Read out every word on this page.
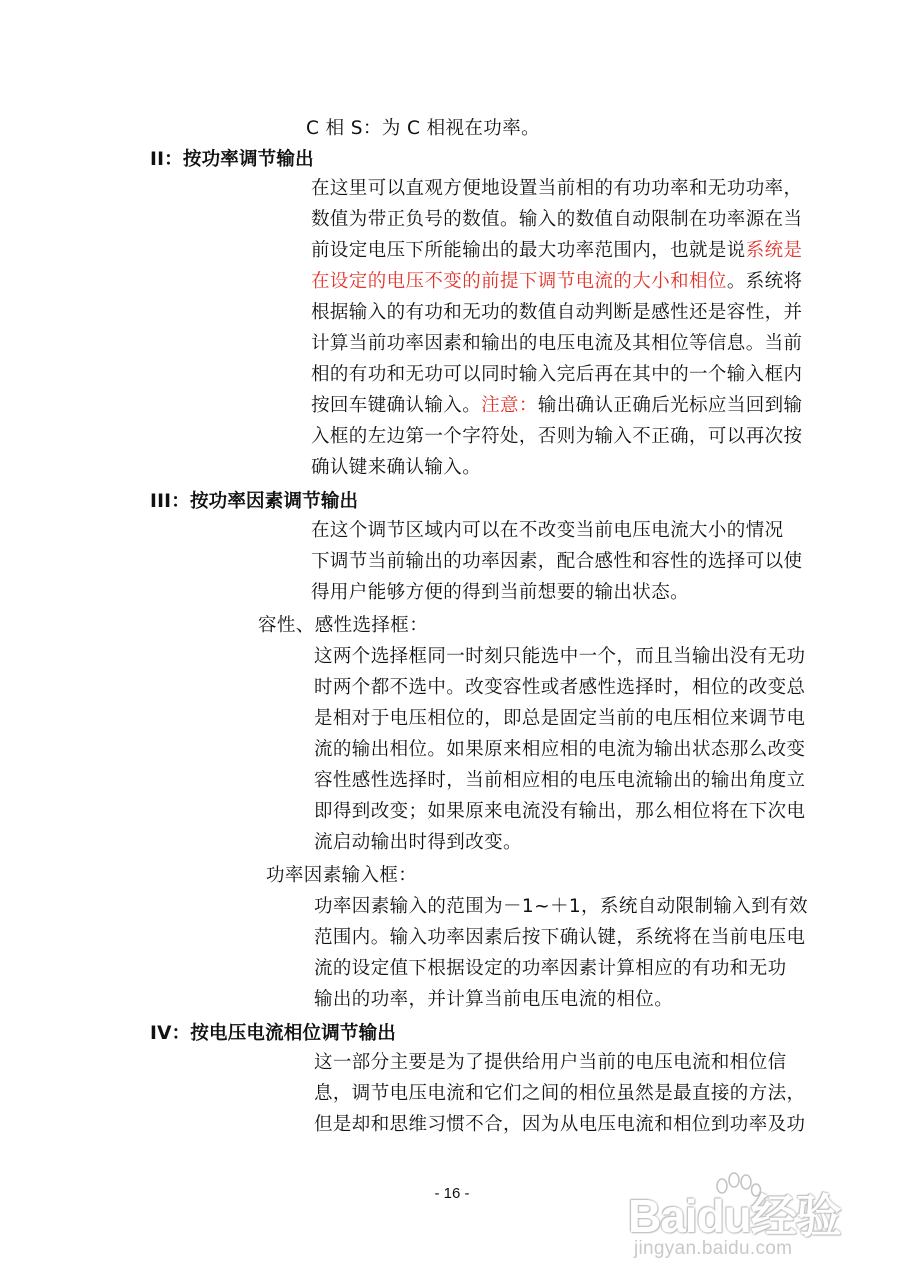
C 相 S：为 C 相视在功率。
II：按功率调节输出
在这里可以直观方便地设置当前相的有功功率和无功功率，
数值为带正负号的数值。输入的数值自动限制在功率源在当
前设定电压下所能输出的最大功率范围内，也就是说系统是
在设定的电压不变的前提下调节电流的大小和相位。系统将
根据输入的有功和无功的数值自动判断是感性还是容性，并
计算当前功率因素和输出的电压电流及其相位等信息。当前
相的有功和无功可以同时输入完后再在其中的一个输入框内
按回车键确认输入。注意：输出确认正确后光标应当回到输
入框的左边第一个字符处，否则为输入不正确，可以再次按
确认键来确认输入。
III：按功率因素调节输出
在这个调节区域内可以在不改变当前电压电流大小的情况
下调节当前输出的功率因素，配合感性和容性的选择可以使
得用户能够方便的得到当前想要的输出状态。
容性、感性选择框：
这两个选择框同一时刻只能选中一个，而且当输出没有无功
时两个都不选中。改变容性或者感性选择时，相位的改变总
是相对于电压相位的，即总是固定当前的电压相位来调节电
流的输出相位。如果原来相应相的电流为输出状态那么改变
容性感性选择时，当前相应相的电压电流输出的输出角度立
即得到改变；如果原来电流没有输出，那么相位将在下次电
流启动输出时得到改变。
功率因素输入框：
功率因素输入的范围为－1~＋1，系统自动限制输入到有效
范围内。输入功率因素后按下确认键，系统将在当前电压电
流的设定值下根据设定的功率因素计算相应的有功和无功
输出的功率，并计算当前电压电流的相位。
IV：按电压电流相位调节输出
这一部分主要是为了提供给用户当前的电压电流和相位信
息，调节电压电流和它们之间的相位虽然是最直接的方法，
但是却和思维习惯不合，因为从电压电流和相位到功率及功
- 16 -	Baidu经验
jingyan.baidu.com
